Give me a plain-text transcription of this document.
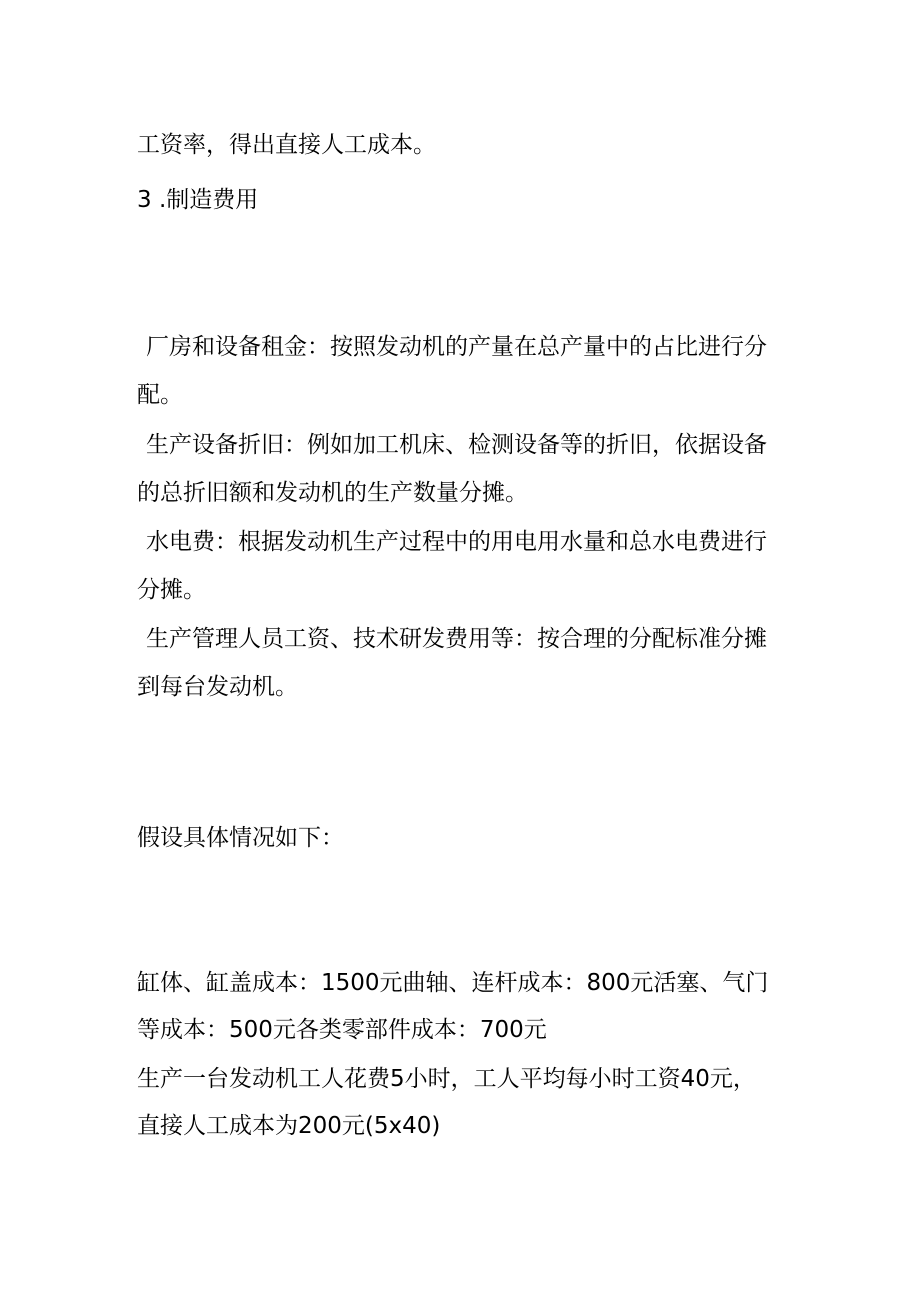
工资率，得出直接人工成本。

3 .制造费用

厂房和设备租金：按照发动机的产量在总产量中的占比进行分

配。

生产设备折旧：例如加工机床、检测设备等的折旧，依据设备

的总折旧额和发动机的生产数量分摊。

水电费：根据发动机生产过程中的用电用水量和总水电费进行

分摊。

生产管理人员工资、技术研发费用等：按合理的分配标准分摊

到每台发动机。

假设具体情况如下：

缸体、缸盖成本：1500元曲轴、连杆成本：800元活塞、气门

等成本：500元各类零部件成本：700元

生产一台发动机工人花费5小时，工人平均每小时工资40元，

直接人工成本为200元(5x40)
